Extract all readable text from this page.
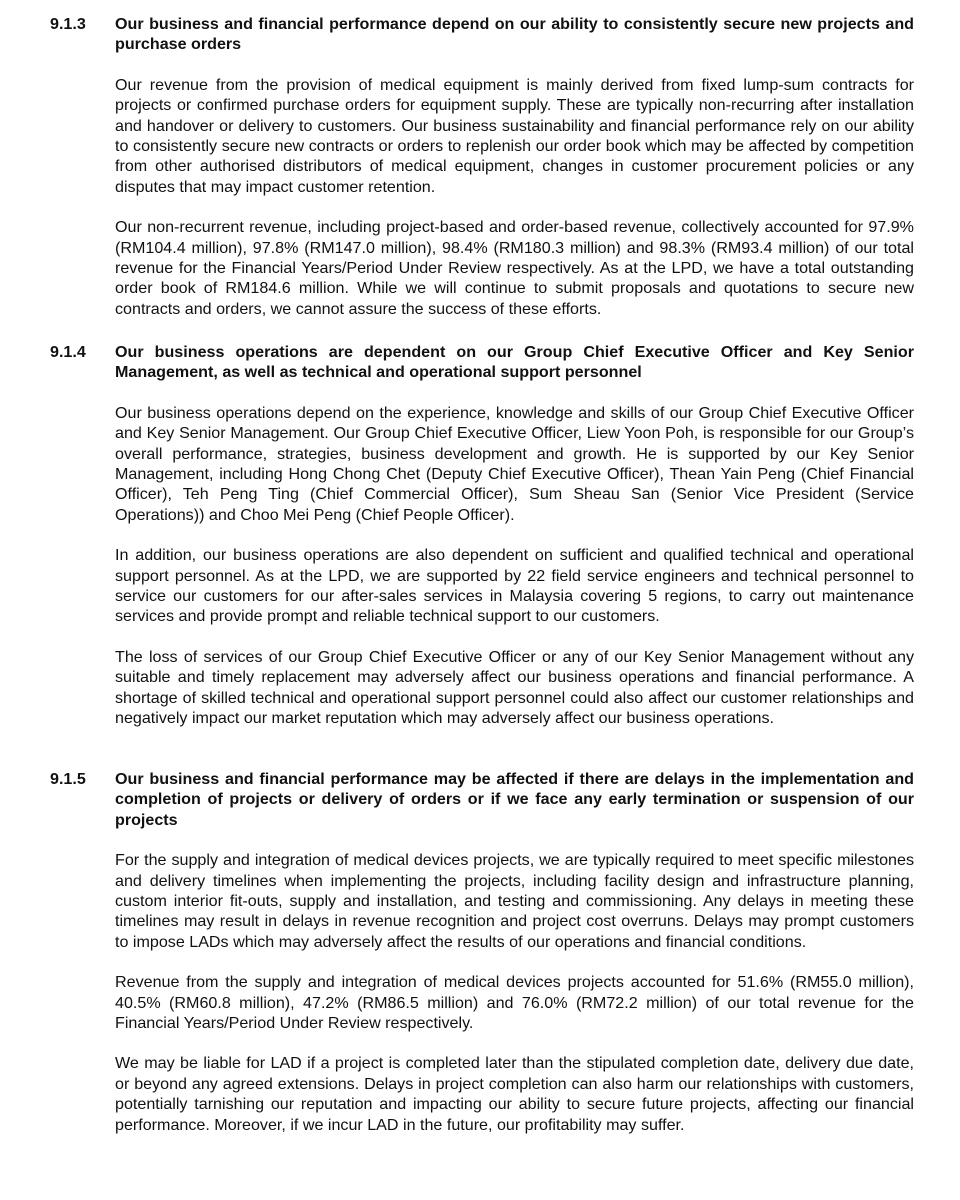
9.1.3 Our business and financial performance depend on our ability to consistently secure new projects and purchase orders

Our revenue from the provision of medical equipment is mainly derived from fixed lump-sum contracts for projects or confirmed purchase orders for equipment supply. These are typically non-recurring after installation and handover or delivery to customers. Our business sustainability and financial performance rely on our ability to consistently secure new contracts or orders to replenish our order book which may be affected by competition from other authorised distributors of medical equipment, changes in customer procurement policies or any disputes that may impact customer retention.

Our non-recurrent revenue, including project-based and order-based revenue, collectively accounted for 97.9% (RM104.4 million), 97.8% (RM147.0 million), 98.4% (RM180.3 million) and 98.3% (RM93.4 million) of our total revenue for the Financial Years/Period Under Review respectively. As at the LPD, we have a total outstanding order book of RM184.6 million. While we will continue to submit proposals and quotations to secure new contracts and orders, we cannot assure the success of these efforts.

9.1.4 Our business operations are dependent on our Group Chief Executive Officer and Key Senior Management, as well as technical and operational support personnel

Our business operations depend on the experience, knowledge and skills of our Group Chief Executive Officer and Key Senior Management. Our Group Chief Executive Officer, Liew Yoon Poh, is responsible for our Group’s overall performance, strategies, business development and growth. He is supported by our Key Senior Management, including Hong Chong Chet (Deputy Chief Executive Officer), Thean Yain Peng (Chief Financial Officer), Teh Peng Ting (Chief Commercial Officer), Sum Sheau San (Senior Vice President (Service Operations)) and Choo Mei Peng (Chief People Officer).

In addition, our business operations are also dependent on sufficient and qualified technical and operational support personnel. As at the LPD, we are supported by 22 field service engineers and technical personnel to service our customers for our after-sales services in Malaysia covering 5 regions, to carry out maintenance services and provide prompt and reliable technical support to our customers.

The loss of services of our Group Chief Executive Officer or any of our Key Senior Management without any suitable and timely replacement may adversely affect our business operations and financial performance. A shortage of skilled technical and operational support personnel could also affect our customer relationships and negatively impact our market reputation which may adversely affect our business operations.

9.1.5 Our business and financial performance may be affected if there are delays in the implementation and completion of projects or delivery of orders or if we face any early termination or suspension of our projects

For the supply and integration of medical devices projects, we are typically required to meet specific milestones and delivery timelines when implementing the projects, including facility design and infrastructure planning, custom interior fit-outs, supply and installation, and testing and commissioning. Any delays in meeting these timelines may result in delays in revenue recognition and project cost overruns. Delays may prompt customers to impose LADs which may adversely affect the results of our operations and financial conditions.

Revenue from the supply and integration of medical devices projects accounted for 51.6% (RM55.0 million), 40.5% (RM60.8 million), 47.2% (RM86.5 million) and 76.0% (RM72.2 million) of our total revenue for the Financial Years/Period Under Review respectively.

We may be liable for LAD if a project is completed later than the stipulated completion date, delivery due date, or beyond any agreed extensions. Delays in project completion can also harm our relationships with customers, potentially tarnishing our reputation and impacting our ability to secure future projects, affecting our financial performance. Moreover, if we incur LAD in the future, our profitability may suffer.
